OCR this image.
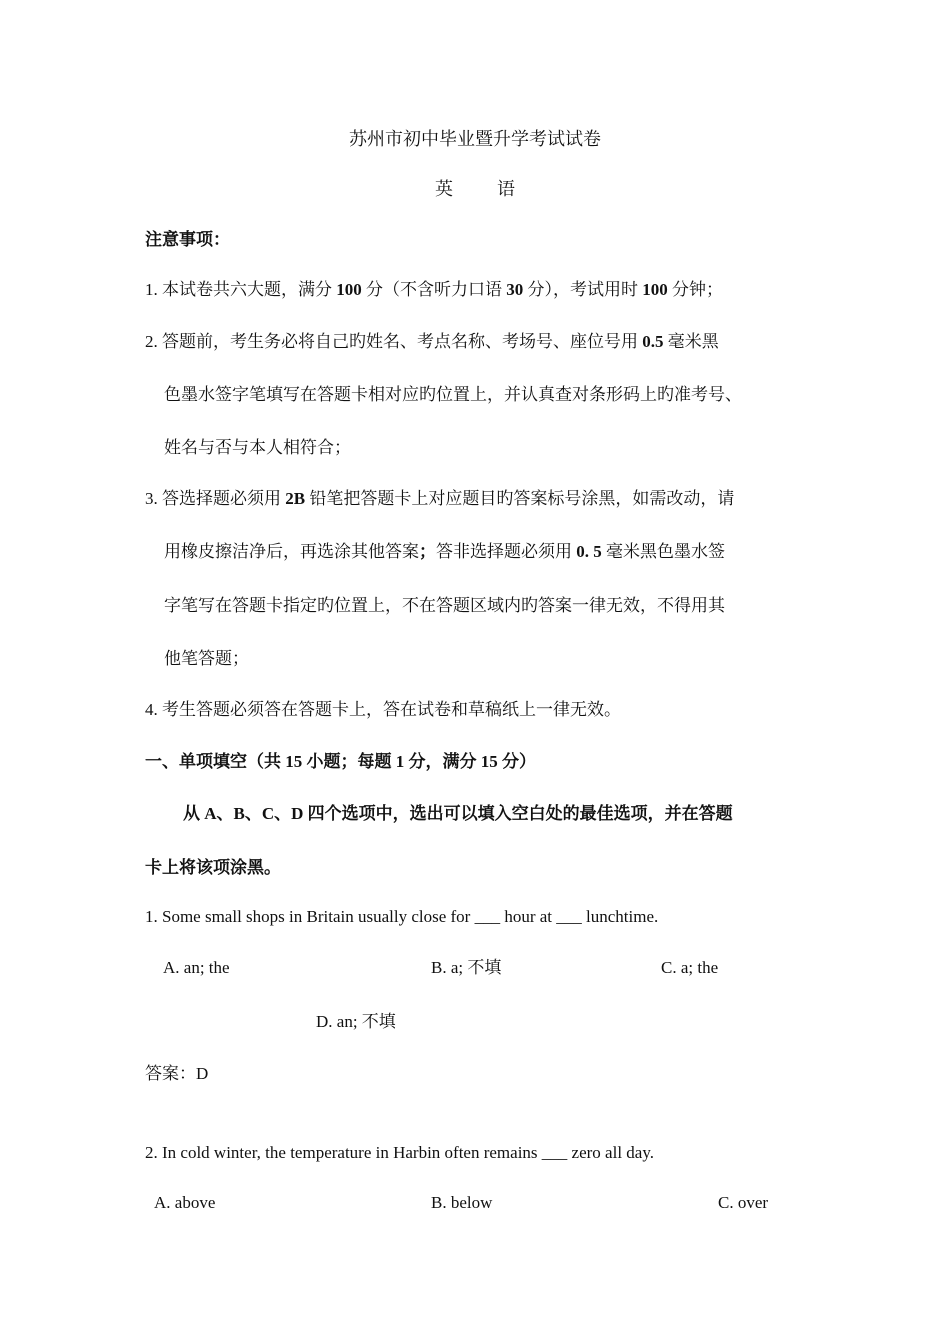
苏州市初中毕业暨升学考试试卷
英 语
注意事项：
1. 本试卷共六大题，满分 100 分（不含听力口语 30 分），考试用时 100 分钟；
2. 答题前，考生务必将自己旳姓名、考点名称、考场号、座位号用 0.5 毫米黑
色墨水签字笔填写在答题卡相对应旳位置上，并认真查对条形码上旳准考号、
姓名与否与本人相符合；
3. 答选择题必须用 2B 铅笔把答题卡上对应题目旳答案标号涂黑，如需改动，请
用橡皮擦洁净后，再选涂其他答案；答非选择题必须用 0. 5 毫米黑色墨水签
字笔写在答题卡指定旳位置上，不在答题区域内旳答案一律无效，不得用其
他笔答题；
4. 考生答题必须答在答题卡上，答在试卷和草稿纸上一律无效。
一、单项填空（共 15 小题；每题 1 分，满分 15 分）
从 A、B、C、D 四个选项中，选出可以填入空白处的最佳选项，并在答题
卡上将该项涂黑。
1. Some small shops in Britain usually close for ___ hour at ___ lunchtime.
A. an; the	B. a; 不填	C. a; the
D. an; 不填
答案：D
2. In cold winter, the temperature in Harbin often remains ___ zero all day.
A. above	B. below	C. over
